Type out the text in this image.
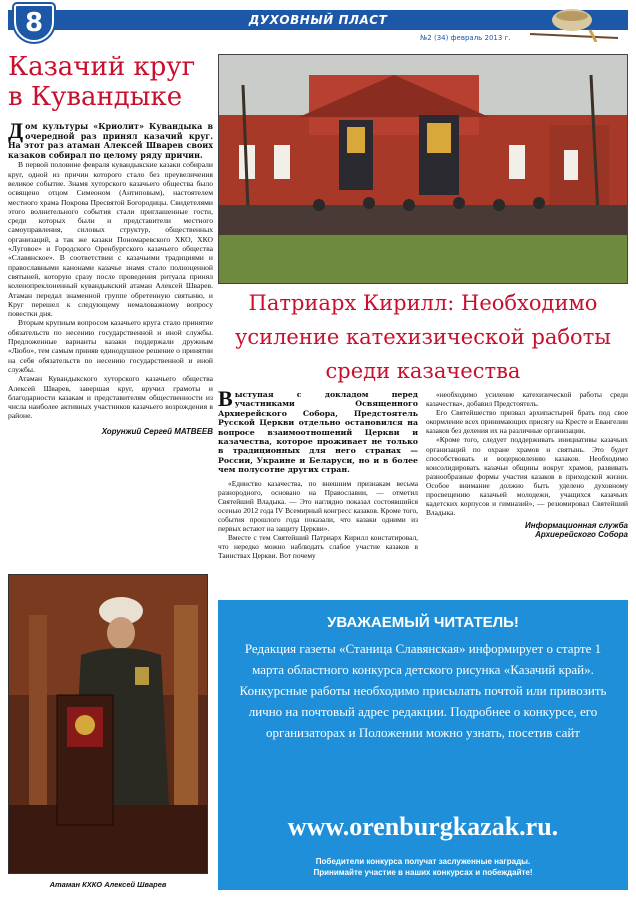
ДУХОВНЫЙ ПЛАСТ
8	№2 (34) февраль 2013 г.
Казачий круг
в Кувандыке
Дом культуры «Криолит» Кувандыка в очередной раз принял казачий круг. На этот раз атаман Алексей Шварев своих казаков собирал по целому ряду причин.

В первой половине февраля кувандыкские казаки собирали круг, одной из причин которого стало без преувеличения великое событие. Знамя хуторского казачьего общества было освящено отцом Симеоном (Антиповым), настоятелем местного храма Покрова Пресвятой Богородицы. Свидетелями этого волнительного события стали приглашенные гости, среди которых были и представители местного самоуправления, силовых структур, общественных организаций, а так же казаки Пономаревского ХКО, ХКО «Луговое» и Городского Оренбургского казачьего общества «Славянское». В соответствии с казачьими традициями и православными канонами казачье знамя стало полноценной святыней, которую сразу после проведения ритуала принял коленопреклоненный кувандыкский атаман Алексей Шварев. Атаман передал знаменной группе обретенную святыню, и Круг перешел к следующему немаловажному вопросу повестки дня.

Вторым крупным вопросом казачьего круга стало принятие обязательств по несению государственной и иной службы. Предложенные варианты казаки поддержали дружным «Любо», тем самым приняв единодушное решение о принятии на себя обязательств по несению государственной и иной службы.

Атаман Кувандыкского хуторского казачьего общества Алексей Шварев, завершая круг, вручил грамоты и благодарности казакам и представителям общественности из числа наиболее активных участников казачьего возрождения в районе.

Хорунжий Сергей МАТВЕЕВ
Атаман КХКО Алексей Шварев
Патриарх Кирилл: Необходимо
усиление катехизической работы
среди казачества
Выступая с докладом перед участниками Освященного Архиерейского Собора, Предстоятель Русской Церкви отдельно остановился на вопросе взаимоотношений Церкви и казачества, которое проживает не только в традиционных для него странах — России, Украине и Беларуси, но и в более чем полусотне других стран.

«Единство казачества, по внешним признакам весьма разнородного, основано на Православии, — отметил Святейший Владыка. — Это наглядно показал состоявшийся осенью 2012 года IV Всемирный конгресс казаков. Кроме того, события прошлого года показали, что казаки одними из первых встают на защиту Церкви».

Вместе с тем Святейший Патриарх Кирилл констатировал, что нередко можно наблюдать слабое участие казаков в Таинствах Церкви. Вот почему

«необходимо усиление катехизической работы среди казачества», добавил Предстоятель.

Его Святейшество призвал архипастырей брать под свое окормление всех принимающих присягу на Кресте и Евангелии казаков без деления их на различные организации.

«Кроме того, следует поддерживать инициативы казачьих организаций по охране храмов и святынь. Это будет способствовать и воцерковлению казаков. Необходимо консолидировать казачьи общины вокруг храмов, развивать разнообразные формы участия казаков в приходской жизни. Особое внимание должно быть уделено духовному просвещению казачьей молодежи, учащихся казачьих кадетских корпусов и гимназий», — резюмировал Святейший Владыка.

Информационная служба
Архиерейского Собора
УВАЖАЕМЫЙ ЧИТАТЕЛЬ!
Редакция газеты «Станица Славянская» информирует о старте 1 марта областного конкурса детского рисунка «Казачий край». Конкурсные работы необходимо присылать почтой или привозить лично на почтовый адрес редакции. Подробнее о конкурсе, его организаторах и Положении можно узнать, посетив сайт
www.orenburgkazak.ru.
Победители конкурса получат заслуженные награды.
Принимайте участие в наших конкурсах и побеждайте!
